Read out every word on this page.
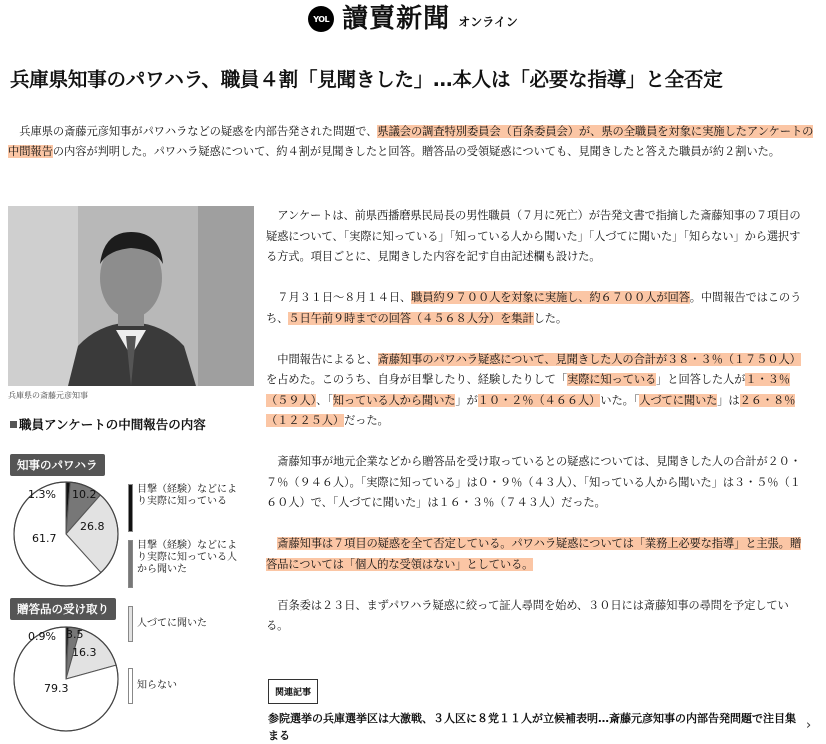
YOL 讀賣新聞 オンライン
兵庫県知事のパワハラ、職員４割「見聞きした」…本人は「必要な指導」と全否定

兵庫県の斎藤元彦知事がパワハラなどの疑惑を内部告発された問題で、県議会の調査特別委員会（百条委員会）が、県の全職員を対象に実施したアンケートの中間報告の内容が判明した。パワハラ疑惑について、約４割が見聞きしたと回答。贈答品の受領疑惑についても、見聞きしたと答えた職員が約２割いた。

兵庫県の斎藤元彦知事
職員アンケートの中間報告の内容
知事のパワハラ
1.3% 10.2
26.8
61.7
贈答品の受け取り
0.9% 3.5
16.3
79.3
目撃（経験）などにより実際に知っている
目撃（経験）などにより実際に知っている人から聞いた
人づてに聞いた
知らない

アンケートは、前県西播磨県民局長の男性職員（７月に死亡）が告発文書で指摘した斎藤知事の７項目の疑惑について、「実際に知っている」「知っている人から聞いた」「人づてに聞いた」「知らない」から選択する方式。項目ごとに、見聞きした内容を記す自由記述欄も設けた。

７月３１日～８月１４日、職員約９７００人を対象に実施し、約６７００人が回答。中間報告ではこのうち、５日午前９時までの回答（４５６８人分）を集計した。

中間報告によると、斎藤知事のパワハラ疑惑について、見聞きした人の合計が３８・３％（１７５０人）を占めた。このうち、自身が目撃したり、経験したりして「実際に知っている」と回答した人が１・３％（５９人）、「知っている人から聞いた」が１０・２％（４６６人）いた。「人づてに聞いた」は２６・８％（１２２５人）だった。

斎藤知事が地元企業などから贈答品を受け取っているとの疑惑については、見聞きした人の合計が２０・７％（９４６人）。「実際に知っている」は０・９％（４３人）、「知っている人から聞いた」は３・５％（１６０人）で、「人づてに聞いた」は１６・３％（７４３人）だった。

斎藤知事は７項目の疑惑を全て否定している。パワハラ疑惑については「業務上必要な指導」と主張。贈答品については「個人的な受領はない」としている。

百条委は２３日、まずパワハラ疑惑に絞って証人尋問を始め、３０日には斎藤知事の尋問を予定している。

関連記事
参院選挙の兵庫選挙区は大激戦、３人区に８党１１人が立候補表明…斎藤元彦知事の内部告発問題で注目集まる
›
